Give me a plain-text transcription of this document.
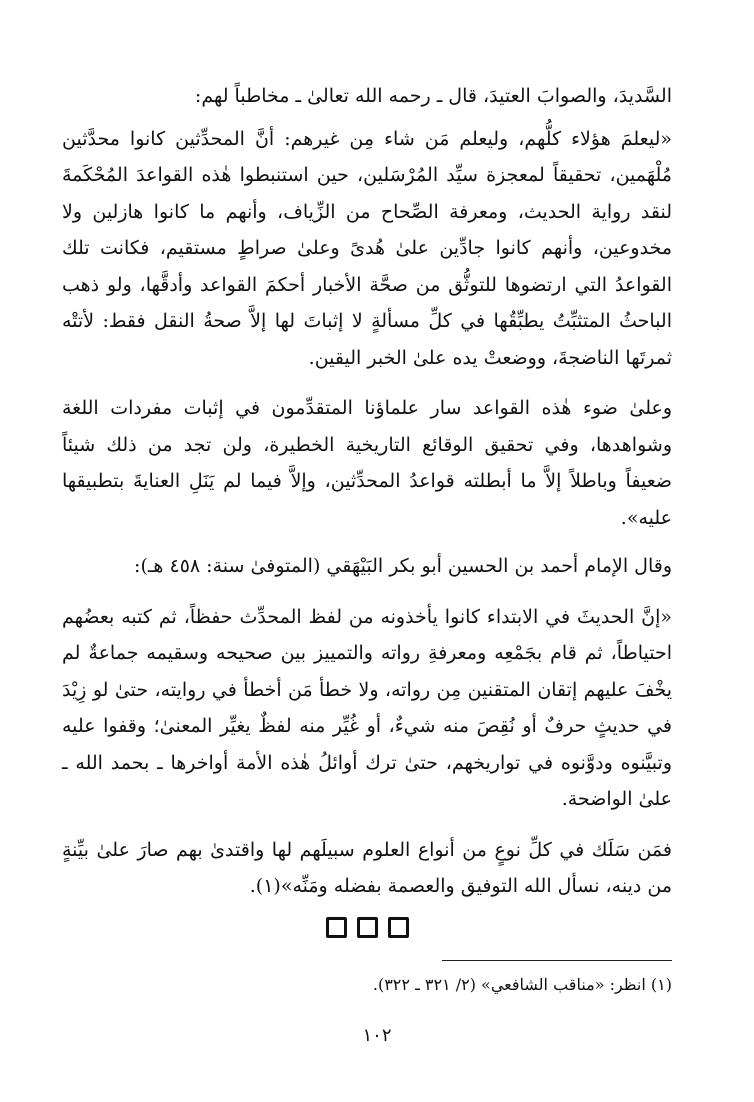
السَّديدَ، والصوابَ العتيدَ، قال ـ رحمه الله تعالىٰ ـ مخاطباً لهم:

«ليعلمَ هؤلاء كلُّهم، وليعلم مَن شاء مِن غيرهم: أنَّ المحدِّثين كانوا محدَّثين مُلْهَمين، تحقيقاً لمعجزة سيِّد المُرْسَلين، حين استنبطوا هٰذه القواعدَ المُحْكَمةَ لنقد رواية الحديث، ومعرفة الصِّحاح من الزِّياف، وأنهم ما كانوا هازلين ولا مخدوعين، وأنهم كانوا جادِّين علىٰ هُدىً وعلىٰ صراطٍ مستقيم، فكانت تلك القواعدُ التي ارتضوها للتوثُّق من صحَّة الأخبار أحكمَ القواعد وأدقَّها، ولو ذهب الباحثُ المتثبِّتُ يطبِّقُها في كلِّ مسألةٍ لا إثباتَ لها إلاَّ صحةُ النقل فقط: لأتتْه ثمرتَها الناضجةَ، ووضعتْ يده علىٰ الخبر اليقين.

وعلىٰ ضوء هٰذه القواعد سار علماؤنا المتقدِّمون في إثبات مفردات اللغة وشواهدها، وفي تحقيق الوقائع التاريخية الخطيرة، ولن تجد من ذلك شيئاً ضعيفاً وباطلاً إلاَّ ما أبطلته قواعدُ المحدِّثين، وإلاَّ فيما لم يَنَلِ العنايةَ بتطبيقها عليه».

وقال الإمام أحمد بن الحسين أبو بكر البَيْهَقي (المتوفىٰ سنة: ٤٥٨ هـ):

«إنَّ الحديثَ في الابتداء كانوا يأخذونه من لفظ المحدِّث حفظاً، ثم كتبه بعضُهم احتياطاً، ثم قام بجَمْعِه ومعرفةِ رواته والتمييز بين صحيحه وسقيمه جماعةٌ لم يخْفَ عليهم إتقان المتقنين مِن رواته، ولا خطأ مَن أخطأ في روايته، حتىٰ لو زِيْدَ في حديثٍ حرفٌ أو نُقِصَ منه شيءٌ، أو غُيِّر منه لفظٌ يغيِّر المعنىٰ؛ وقفوا عليه وتبيَّنوه ودوَّنوه في تواريخهم، حتىٰ ترك أوائلُ هٰذه الأمة أواخرها ـ بحمد الله ـ علىٰ الواضحة.

فمَن سَلَك في كلِّ نوعٍ من أنواع العلوم سبيلَهم لها واقتدىٰ بهم صارَ علىٰ بيِّنةٍ من دينه، نسأل الله التوفيق والعصمة بفضله ومَنِّه»(١).

(١) انظر: «مناقب الشافعي» (٢/ ٣٢١ ـ ٣٢٢).

١٠٢
